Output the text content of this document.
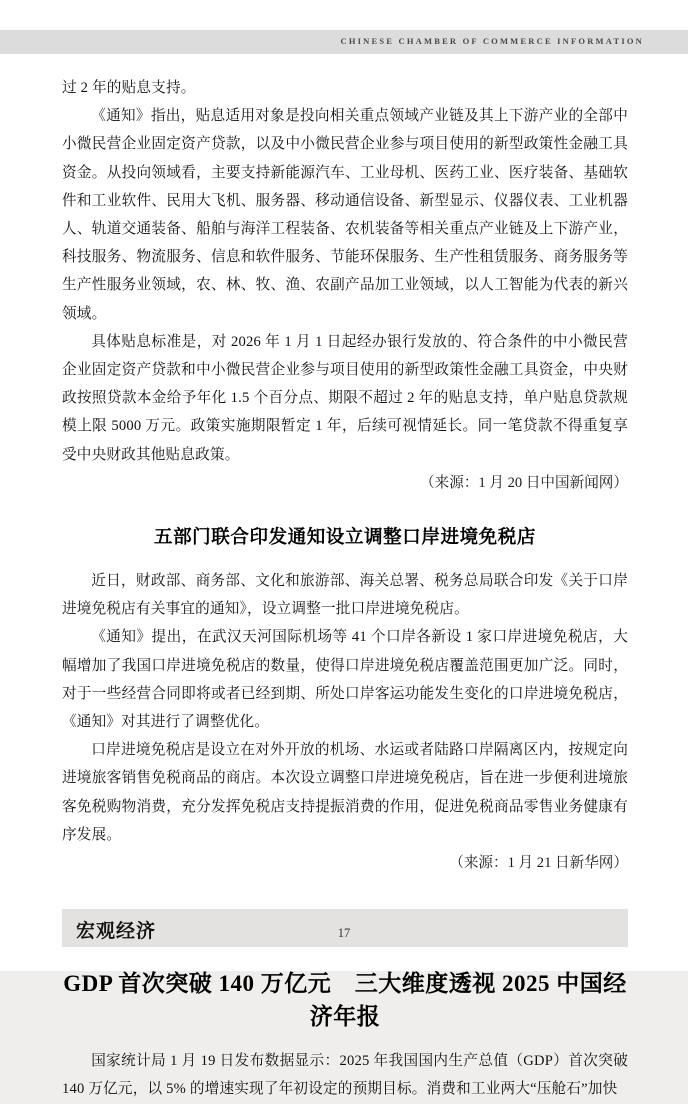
CHINESE CHAMBER OF COMMERCE INFORMATION

过 2 年的贴息支持。

《通知》指出，贴息适用对象是投向相关重点领域产业链及其上下游产业的全部中小微民营企业固定资产贷款，以及中小微民营企业参与项目使用的新型政策性金融工具资金。从投向领域看，主要支持新能源汽车、工业母机、医药工业、医疗装备、基础软件和工业软件、民用大飞机、服务器、移动通信设备、新型显示、仪器仪表、工业机器人、轨道交通装备、船舶与海洋工程装备、农机装备等相关重点产业链及上下游产业，科技服务、物流服务、信息和软件服务、节能环保服务、生产性租赁服务、商务服务等生产性服务业领域，农、林、牧、渔、农副产品加工业领域，以人工智能为代表的新兴领域。

具体贴息标准是，对 2026 年 1 月 1 日起经办银行发放的、符合条件的中小微民营企业固定资产贷款和中小微民营企业参与项目使用的新型政策性金融工具资金，中央财政按照贷款本金给予年化 1.5 个百分点、期限不超过 2 年的贴息支持，单户贴息贷款规模上限 5000 万元。政策实施期限暂定 1 年，后续可视情延长。同一笔贷款不得重复享受中央财政其他贴息政策。

（来源：1 月 20 日中国新闻网）

五部门联合印发通知设立调整口岸进境免税店

近日，财政部、商务部、文化和旅游部、海关总署、税务总局联合印发《关于口岸进境免税店有关事宜的通知》，设立调整一批口岸进境免税店。

《通知》提出，在武汉天河国际机场等 41 个口岸各新设 1 家口岸进境免税店，大幅增加了我国口岸进境免税店的数量，使得口岸进境免税店覆盖范围更加广泛。同时，对于一些经营合同即将或者已经到期、所处口岸客运功能发生变化的口岸进境免税店，《通知》对其进行了调整优化。

口岸进境免税店是设立在对外开放的机场、水运或者陆路口岸隔离区内，按规定向进境旅客销售免税商品的商店。本次设立调整口岸进境免税店，旨在进一步便利进境旅客免税购物消费，充分发挥免税店支持提振消费的作用，促进免税商品零售业务健康有序发展。

（来源：1 月 21 日新华网）

宏观经济
GDP 首次突破 140 万亿元　三大维度透视 2025 中国经济年报

国家统计局 1 月 19 日发布数据显示：2025 年我国国内生产总值（GDP）首次突破 140 万亿元，以 5% 的增速实现了年初设定的预期目标。消费和工业两大“压舱石”加快

17
